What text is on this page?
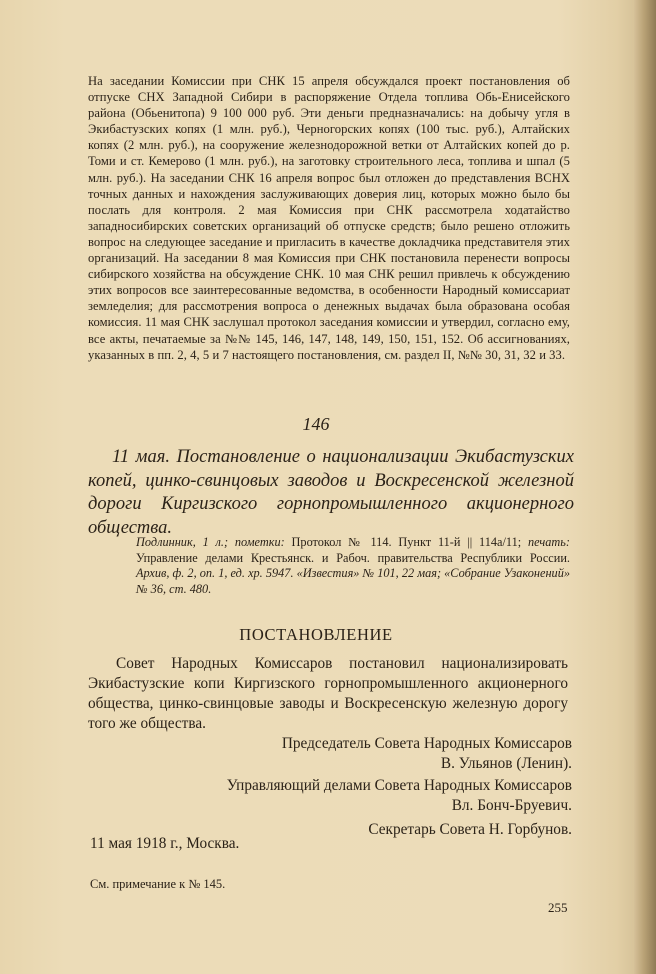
На заседании Комиссии при СНК 15 апреля обсуждался проект постановления об отпуске СНХ Западной Сибири в распоряжение Отдела топлива Обь-Енисейского района (Обьенитопа) 9 100 000 руб. Эти деньги предназначались: на добычу угля в Экибастузских копях (1 млн. руб.), Черногорских копях (100 тыс. руб.), Алтайских копях (2 млн. руб.), на сооружение железнодорожной ветки от Алтайских копей до р. Томи и ст. Кемерово (1 млн. руб.), на заготовку строительного леса, топлива и шпал (5 млн. руб.). На заседании СНК 16 апреля вопрос был отложен до представления ВСНХ точных данных и нахождения заслуживающих доверия лиц, которых можно было бы послать для контроля. 2 мая Комиссия при СНК рассмотрела ходатайство западносибирских советских организаций об отпуске средств; было решено отложить вопрос на следующее заседание и пригласить в качестве докладчика представителя этих организаций. На заседании 8 мая Комиссия при СНК постановила перенести вопросы сибирского хозяйства на обсуждение СНК. 10 мая СНК решил привлечь к обсуждению этих вопросов все заинтересованные ведомства, в особенности Народный комиссариат земледелия; для рассмотрения вопроса о денежных выдачах была образована особая комиссия. 11 мая СНК заслушал протокол заседания комиссии и утвердил, согласно ему, все акты, печатаемые за №№ 145, 146, 147, 148, 149, 150, 151, 152. Об ассигнованиях, указанных в пп. 2, 4, 5 и 7 настоящего постановления, см. раздел II, №№ 30, 31, 32 и 33.

146
11 мая. Постановление о национализации Экибастузских копей, цинко-свинцовых заводов и Воскресенской железной дороги Киргизского горнопромышленного акционерного общества.
Подлинник, 1 л.; пометки: Протокол № 114. Пункт 11-й || 114а/11; печать: Управление делами Крестьянск. и Рабоч. правительства Республики России. Архив, ф. 2, оп. 1, ед. хр. 5947. «Известия» № 101, 22 мая; «Собрание Узаконений» № 36, ст. 480.
ПОСТАНОВЛЕНИЕ
Совет Народных Комиссаров постановил национализировать Экибастузские копи Киргизского горнопромышленного акционерного общества, цинко-свинцовые заводы и Воскресенскую железную дорогу того же общества.
Председатель Совета Народных Комиссаров
В. Ульянов (Ленин).
Управляющий делами Совета Народных Комиссаров
Вл. Бонч-Бруевич.
Секретарь Совета Н. Горбунов.
11 мая 1918 г., Москва.
См. примечание к № 145.
255
